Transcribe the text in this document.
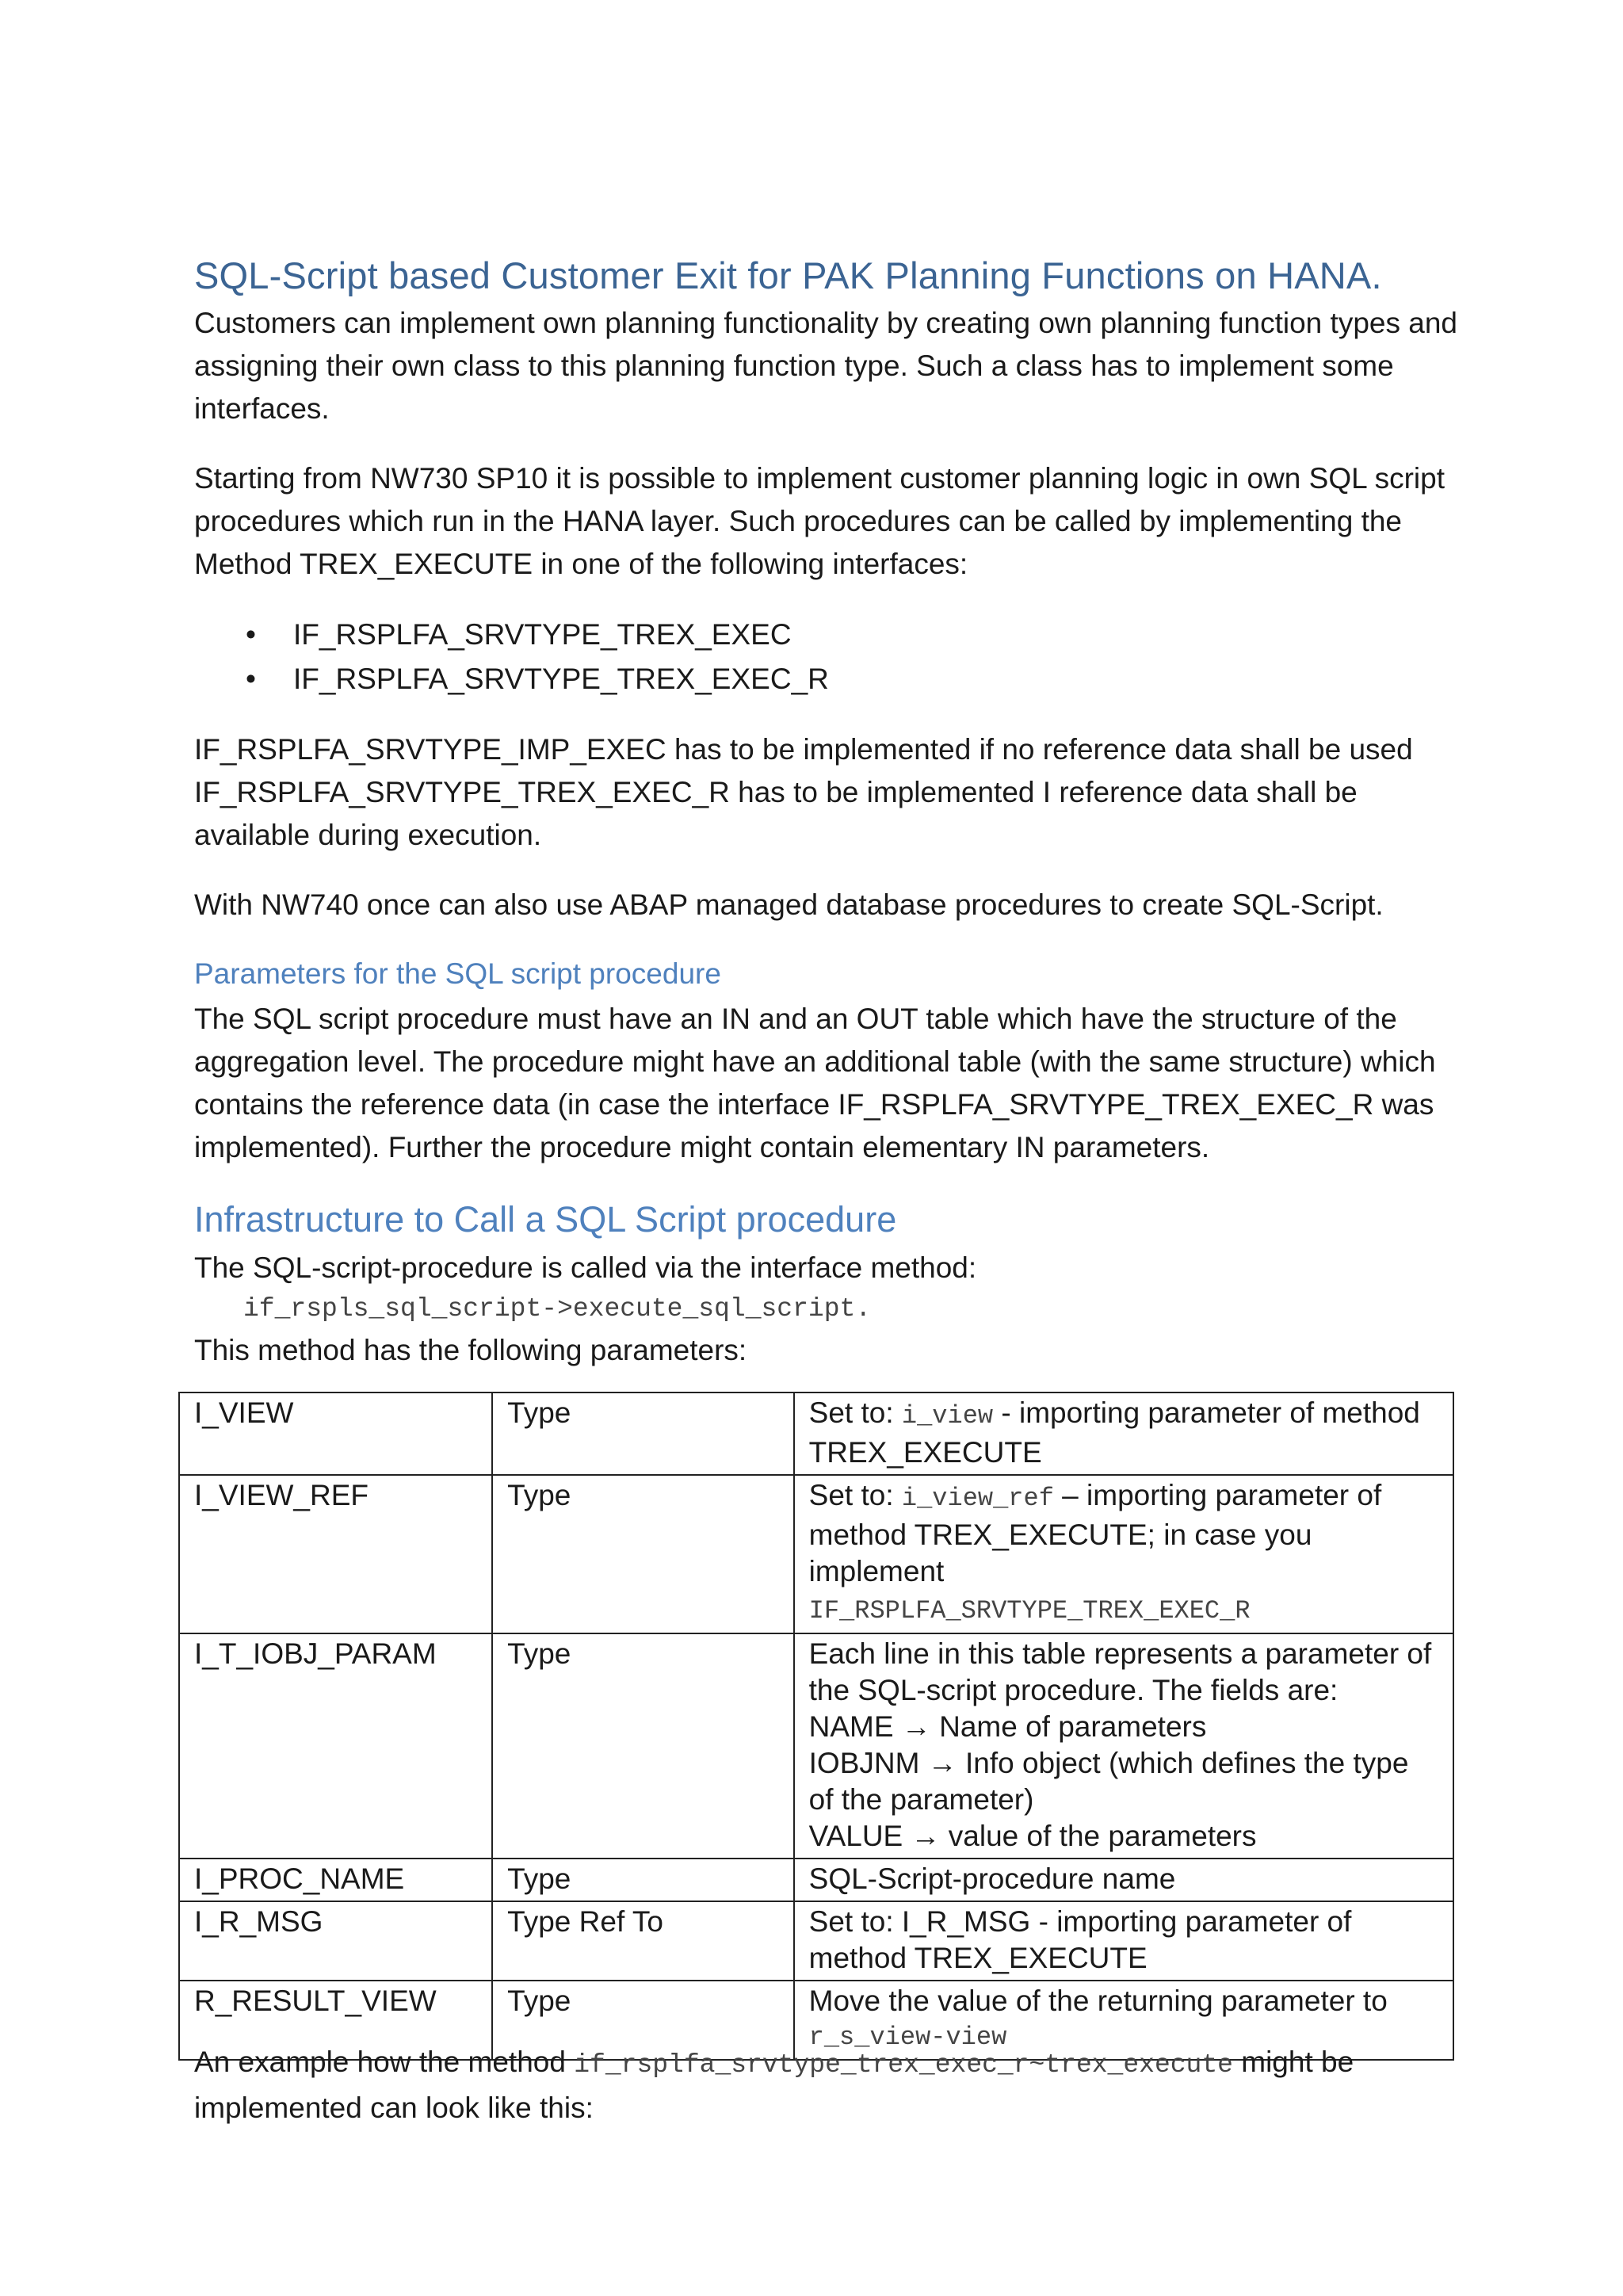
SQL-Script based Customer Exit for PAK Planning Functions on HANA.

Customers can implement own planning functionality by creating own planning function types and assigning their own class to this planning function type. Such a class has to implement some interfaces.

Starting from NW730 SP10 it is possible to implement customer planning logic in own SQL script procedures which run in the HANA layer. Such procedures can be called by implementing the Method TREX_EXECUTE in one of the following interfaces:

• IF_RSPLFA_SRVTYPE_TREX_EXEC
• IF_RSPLFA_SRVTYPE_TREX_EXEC_R

IF_RSPLFA_SRVTYPE_IMP_EXEC has to be implemented if no reference data shall be used

IF_RSPLFA_SRVTYPE_TREX_EXEC_R has to be implemented I reference data shall be available during execution.

With NW740 once can also use ABAP managed database procedures to create SQL-Script.

Parameters for the SQL script procedure

The SQL script procedure must have an IN and an OUT table which have the structure of the aggregation level. The procedure might have an additional table (with the same structure) which contains the reference data (in case the interface IF_RSPLFA_SRVTYPE_TREX_EXEC_R was implemented). Further the procedure might contain elementary IN parameters.

Infrastructure to Call a SQL Script procedure

The SQL-script-procedure is called via the interface method:

if_rspls_sql_script->execute_sql_script.

This method has the following parameters:

I_VIEW	Type	Set to: i_view - importing parameter of method TREX_EXECUTE
I_VIEW_REF	Type	Set to: i_view_ref – importing parameter of method TREX_EXECUTE; in case you implement
IF_RSPLFA_SRVTYPE_TREX_EXEC_R
I_T_IOBJ_PARAM	Type	Each line in this table represents a parameter of the SQL-script procedure. The fields are:
NAME → Name of parameters
IOBJNM → Info object (which defines the type of the parameter)
VALUE → value of the parameters

I_PROC_NAME	Type	SQL-Script-procedure name
I_R_MSG	Type Ref To	Set to: I_R_MSG - importing parameter of method TREX_EXECUTE
R_RESULT_VIEW	Type	Move the value of the returning parameter to
r_s_view-view

An example how the method if_rsplfa_srvtype_trex_exec_r~trex_execute might be implemented can look like this:
